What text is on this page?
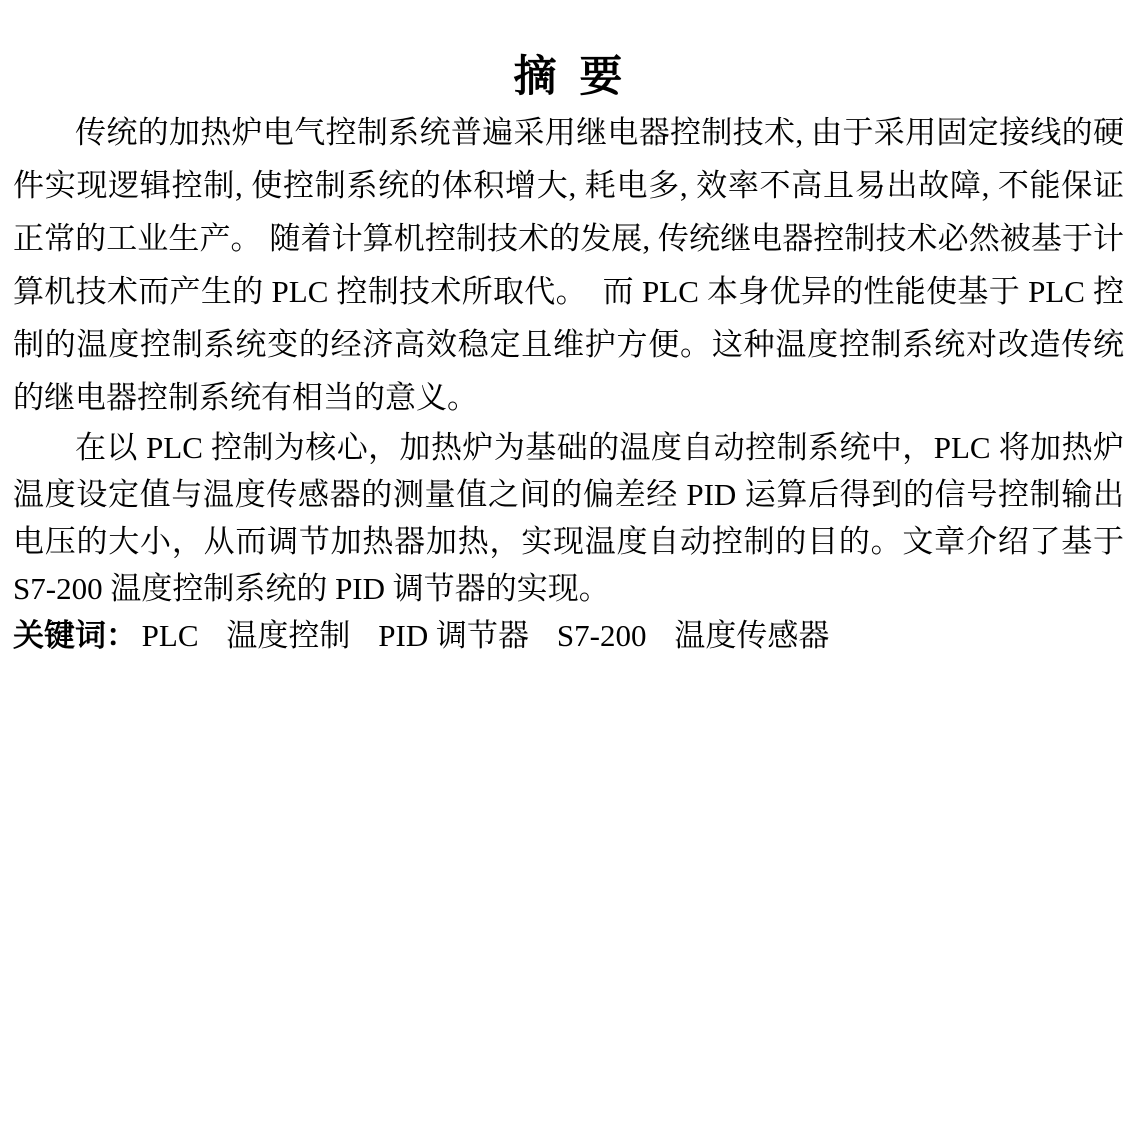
摘 要

传统的加热炉电气控制系统普遍采用继电器控制技术, 由于采用固定接线的硬件实现逻辑控制, 使控制系统的体积增大, 耗电多, 效率不高且易出故障, 不能保证正常的工业生产。 随着计算机控制技术的发展, 传统继电器控制技术必然被基于计算机技术而产生的 PLC 控制技术所取代。　而 PLC 本身优异的性能使基于 PLC 控制的温度控制系统变的经济高效稳定且维护方便。这种温度控制系统对改造传统的继电器控制系统有相当的意义。

在以 PLC 控制为核心，加热炉为基础的温度自动控制系统中，PLC 将加热炉温度设定值与温度传感器的测量值之间的偏差经 PID 运算后得到的信号控制输出电压的大小，从而调节加热器加热，实现温度自动控制的目的。文章介绍了基于 S7-200 温度控制系统的 PID 调节器的实现。

关键词： PLC 温度控制 PID 调节器 S7-200 温度传感器
